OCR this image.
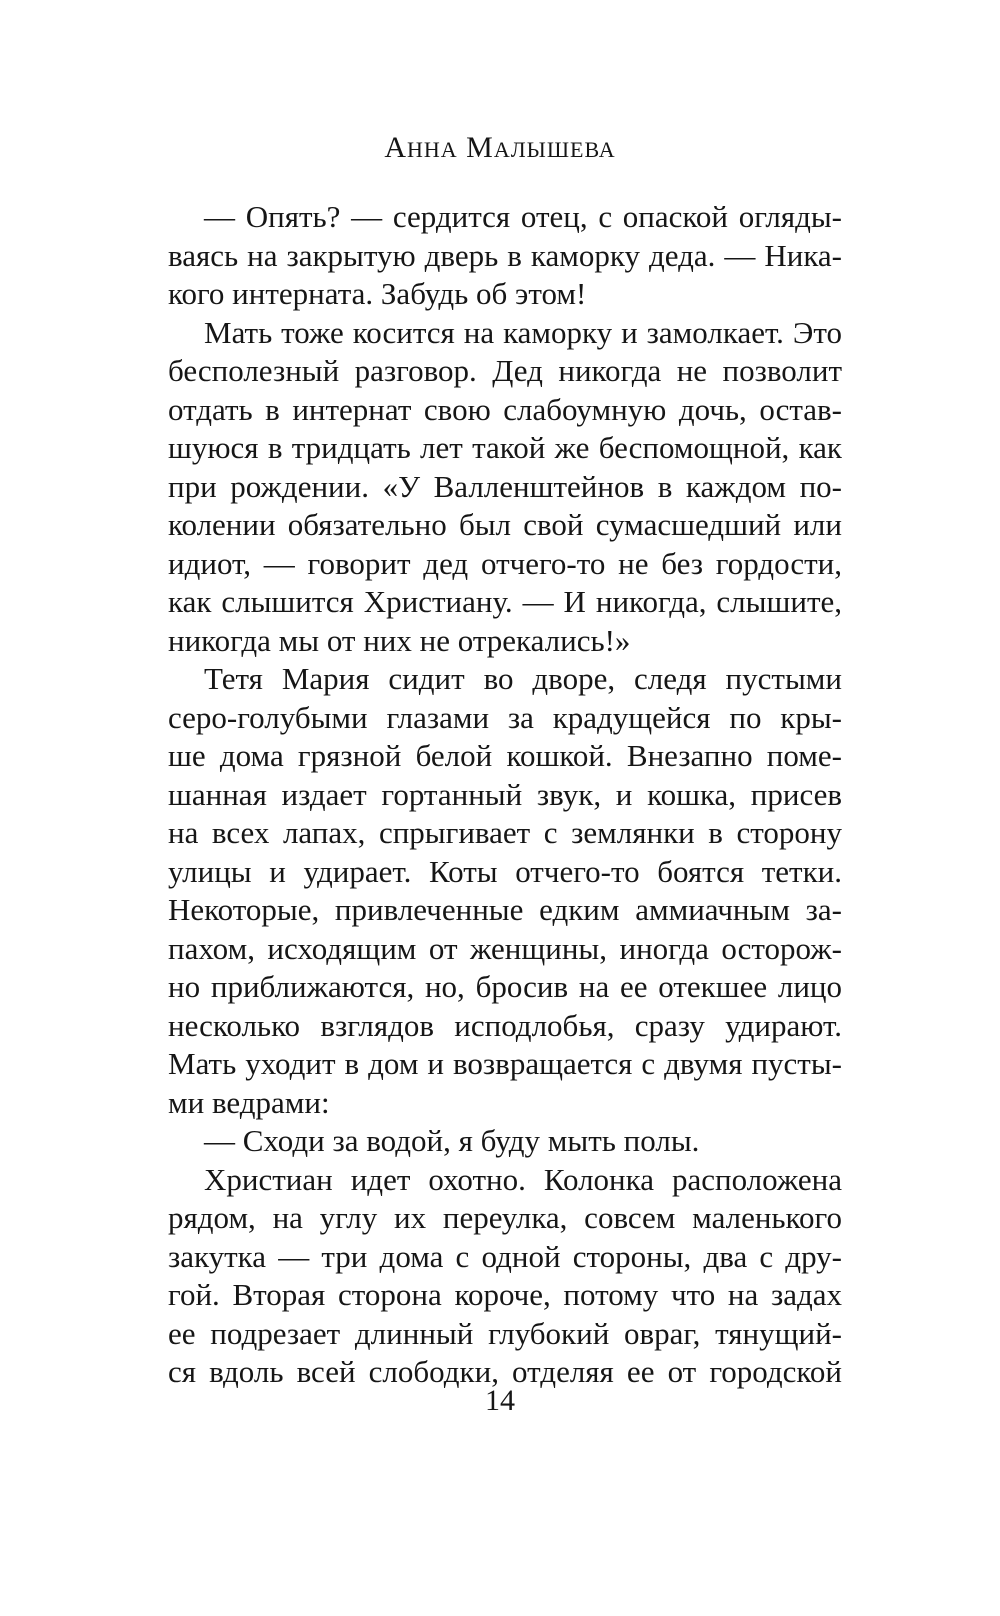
АННА МАЛЫШЕВА
— Опять? — сердится отец, с опаской огляды-
ваясь на закрытую дверь в каморку деда. — Ника-
кого интерната. Забудь об этом!
Мать тоже косится на каморку и замолкает. Это
бесполезный разговор. Дед никогда не позволит
отдать в интернат свою слабоумную дочь, остав-
шуюся в тридцать лет такой же беспомощной, как
при рождении. «У Валленштейнов в каждом по-
колении обязательно был свой сумасшедший или
идиот, — говорит дед отчего-то не без гордости,
как слышится Христиану. — И никогда, слышите,
никогда мы от них не отрекались!»
Тетя Мария сидит во дворе, следя пустыми
серо-голубыми глазами за крадущейся по кры-
ше дома грязной белой кошкой. Внезапно поме-
шанная издает гортанный звук, и кошка, присев
на всех лапах, спрыгивает с землянки в сторону
улицы и удирает. Коты отчего-то боятся тетки.
Некоторые, привлеченные едким аммиачным за-
пахом, исходящим от женщины, иногда осторож-
но приближаются, но, бросив на ее отекшее лицо
несколько взглядов исподлобья, сразу удирают.
Мать уходит в дом и возвращается с двумя пусты-
ми ведрами:
— Сходи за водой, я буду мыть полы.
Христиан идет охотно. Колонка расположена
рядом, на углу их переулка, совсем маленького
закутка — три дома с одной стороны, два с дру-
гой. Вторая сторона короче, потому что на задах
ее подрезает длинный глубокий овраг, тянущий-
ся вдоль всей слободки, отделяя ее от городской
14
